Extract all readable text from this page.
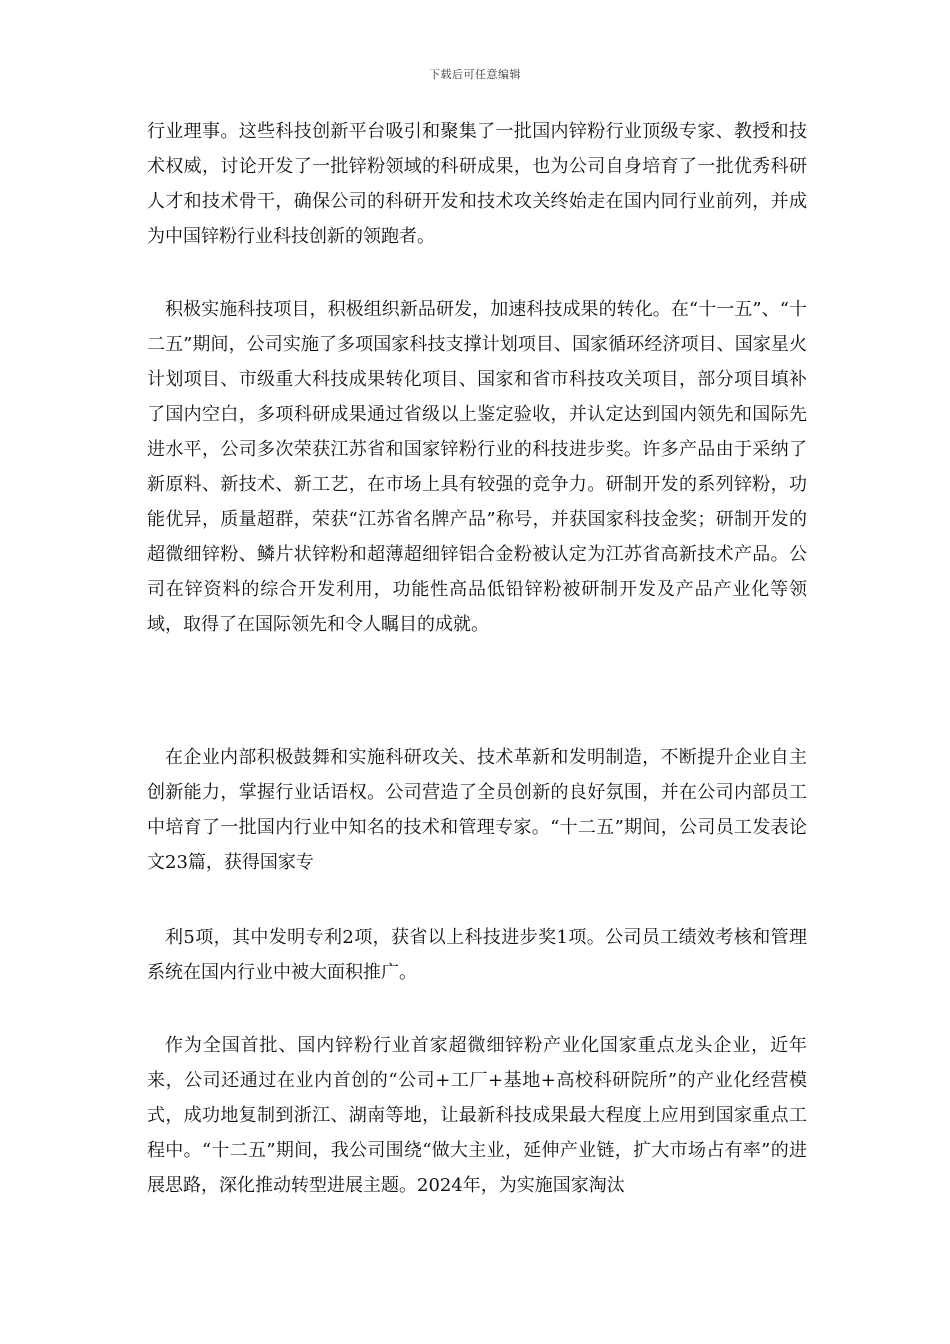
下载后可任意编辑

行业理事。这些科技创新平台吸引和聚集了一批国内锌粉行业顶级专家、教授和技术权威，讨论开发了一批锌粉领域的科研成果，也为公司自身培育了一批优秀科研人才和技术骨干，确保公司的科研开发和技术攻关终始走在国内同行业前列，并成为中国锌粉行业科技创新的领跑者。

积极实施科技项目，积极组织新品研发，加速科技成果的转化。在“十一五”、“十二五”期间，公司实施了多项国家科技支撑计划项目、国家循环经济项目、国家星火计划项目、市级重大科技成果转化项目、国家和省市科技攻关项目，部分项目填补了国内空白，多项科研成果通过省级以上鉴定验收，并认定达到国内领先和国际先进水平，公司多次荣获江苏省和国家锌粉行业的科技进步奖。许多产品由于采纳了新原料、新技术、新工艺，在市场上具有较强的竞争力。研制开发的系列锌粉，功能优异，质量超群，荣获“江苏省名牌产品”称号，并获国家科技金奖；研制开发的超微细锌粉、鳞片状锌粉和超薄超细锌铝合金粉被认定为江苏省高新技术产品。公司在锌资料的综合开发利用，功能性高品低铅锌粉被研制开发及产品产业化等领域，取得了在国际领先和令人瞩目的成就。

在企业内部积极鼓舞和实施科研攻关、技术革新和发明制造，不断提升企业自主创新能力，掌握行业话语权。公司营造了全员创新的良好氛围，并在公司内部员工中培育了一批国内行业中知名的技术和管理专家。“十二五”期间，公司员工发表论文23篇，获得国家专

利5项，其中发明专利2项，获省以上科技进步奖1项。公司员工绩效考核和管理系统在国内行业中被大面积推广。

作为全国首批、国内锌粉行业首家超微细锌粉产业化国家重点龙头企业，近年来，公司还通过在业内首创的“公司+工厂+基地+高校科研院所”的产业化经营模式，成功地复制到浙江、湖南等地，让最新科技成果最大程度上应用到国家重点工程中。“十二五”期间，我公司围绕“做大主业，延伸产业链，扩大市场占有率”的进展思路，深化推动转型进展主题。2024年，为实施国家淘汰
